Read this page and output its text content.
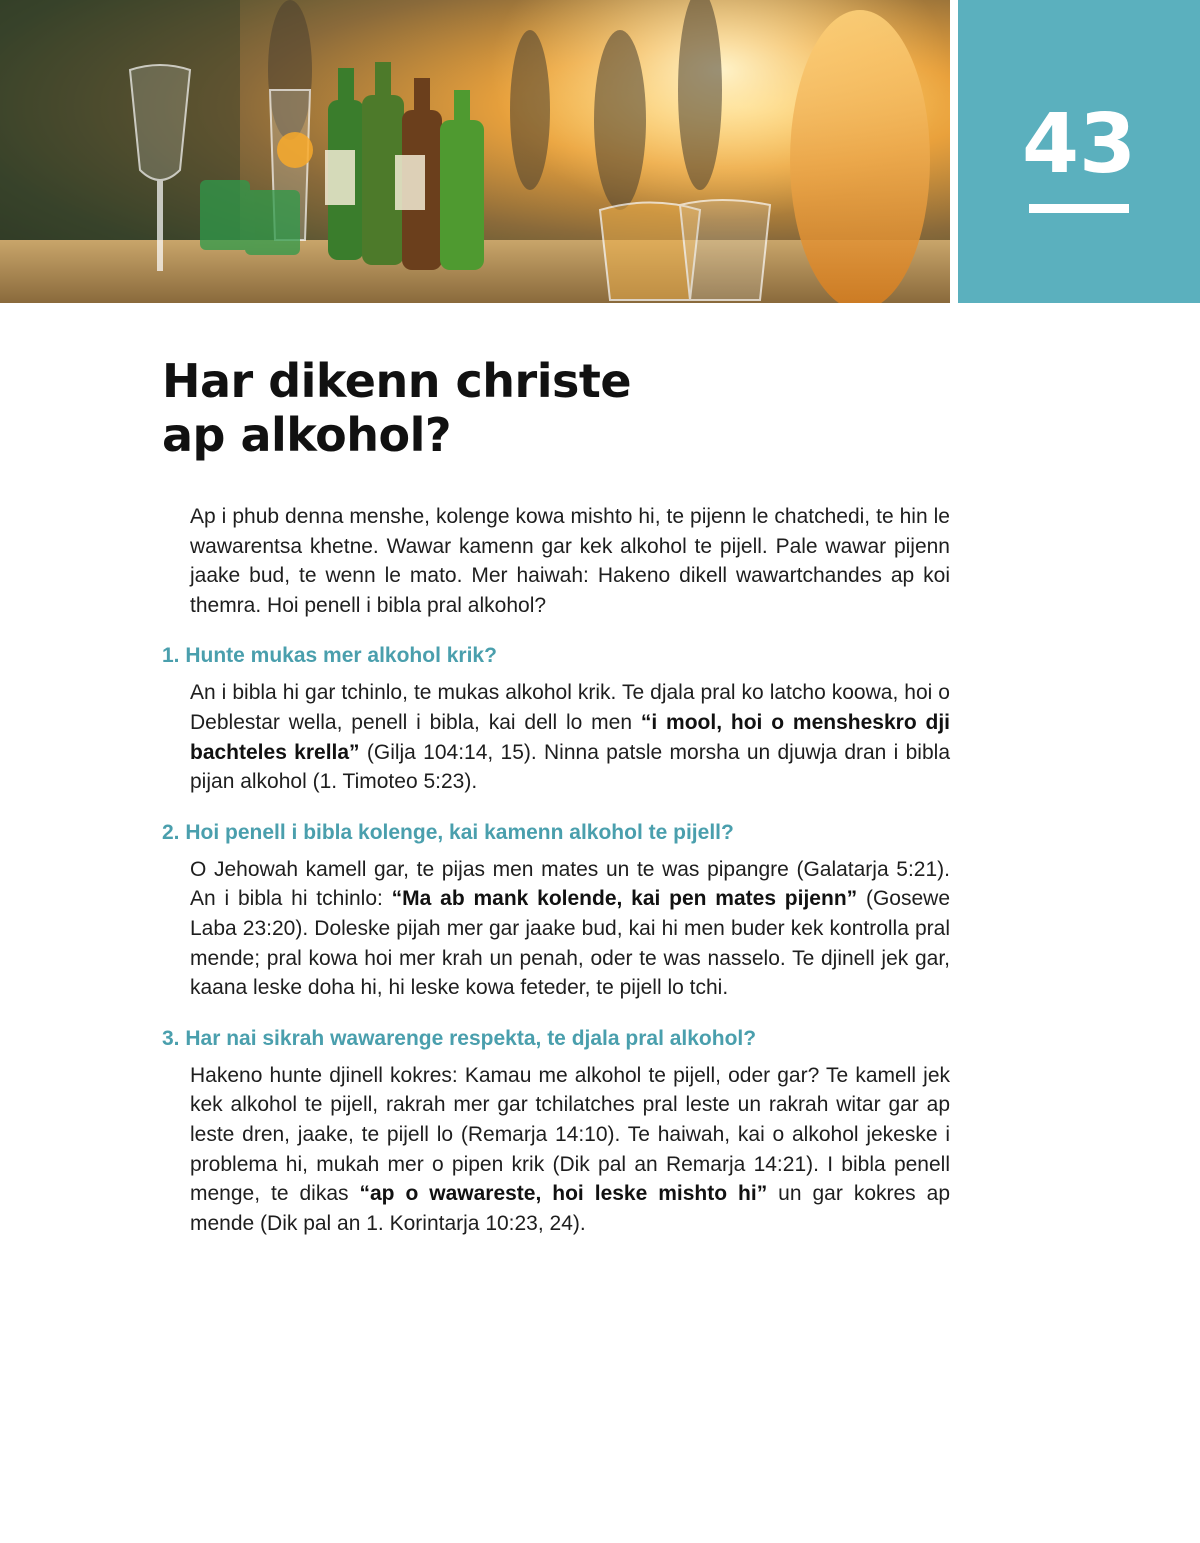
43
Har dikenn christe
ap alkohol?

Ap i phub denna menshe, kolenge kowa mishto hi, te pijenn le chatchedi, te hin le wawarentsa khetne. Wawar kamenn gar kek alkohol te pijell. Pale wawar pijenn jaake bud, te wenn le mato. Mer haiwah: Hakeno dikell wawartchandes ap koi themra. Hoi penell i bibla pral alkohol?

1. Hunte mukas mer alkohol krik?

An i bibla hi gar tchinlo, te mukas alkohol krik. Te djala pral ko latcho koowa, hoi o Deblestar wella, penell i bibla, kai dell lo men “i mool, hoi o mensheskro dji bachteles krella” (Gilja 104:14, 15). Ninna patsle morsha un djuwja dran i bibla pijan alkohol (1. Timoteo 5:23).

2. Hoi penell i bibla kolenge, kai kamenn alkohol te pijell?

O Jehowah kamell gar, te pijas men mates un te was pipangre (Galatarja 5:21). An i bibla hi tchinlo: “Ma ab mank kolende, kai pen mates pijenn” (Gosewe Laba 23:20). Doleske pijah mer gar jaake bud, kai hi men buder kek kontrolla pral mende; pral kowa hoi mer krah un penah, oder te was nasselo. Te djinell jek gar, kaana leske doha hi, hi leske kowa feteder, te pijell lo tchi.

3. Har nai sikrah wawarenge respekta, te djala pral alkohol?

Hakeno hunte djinell kokres: Kamau me alkohol te pijell, oder gar? Te kamell jek kek alkohol te pijell, rakrah mer gar tchilatches pral leste un rakrah witar gar ap leste dren, jaake, te pijell lo (Remarja 14:10). Te haiwah, kai o alkohol jekeske i problema hi, mukah mer o pipen krik (Dik pal an Remarja 14:21). I bibla penell menge, te dikas “ap o wawareste, hoi leske mishto hi” un gar kokres ap mende (Dik pal an 1. Korintarja 10:23, 24).
